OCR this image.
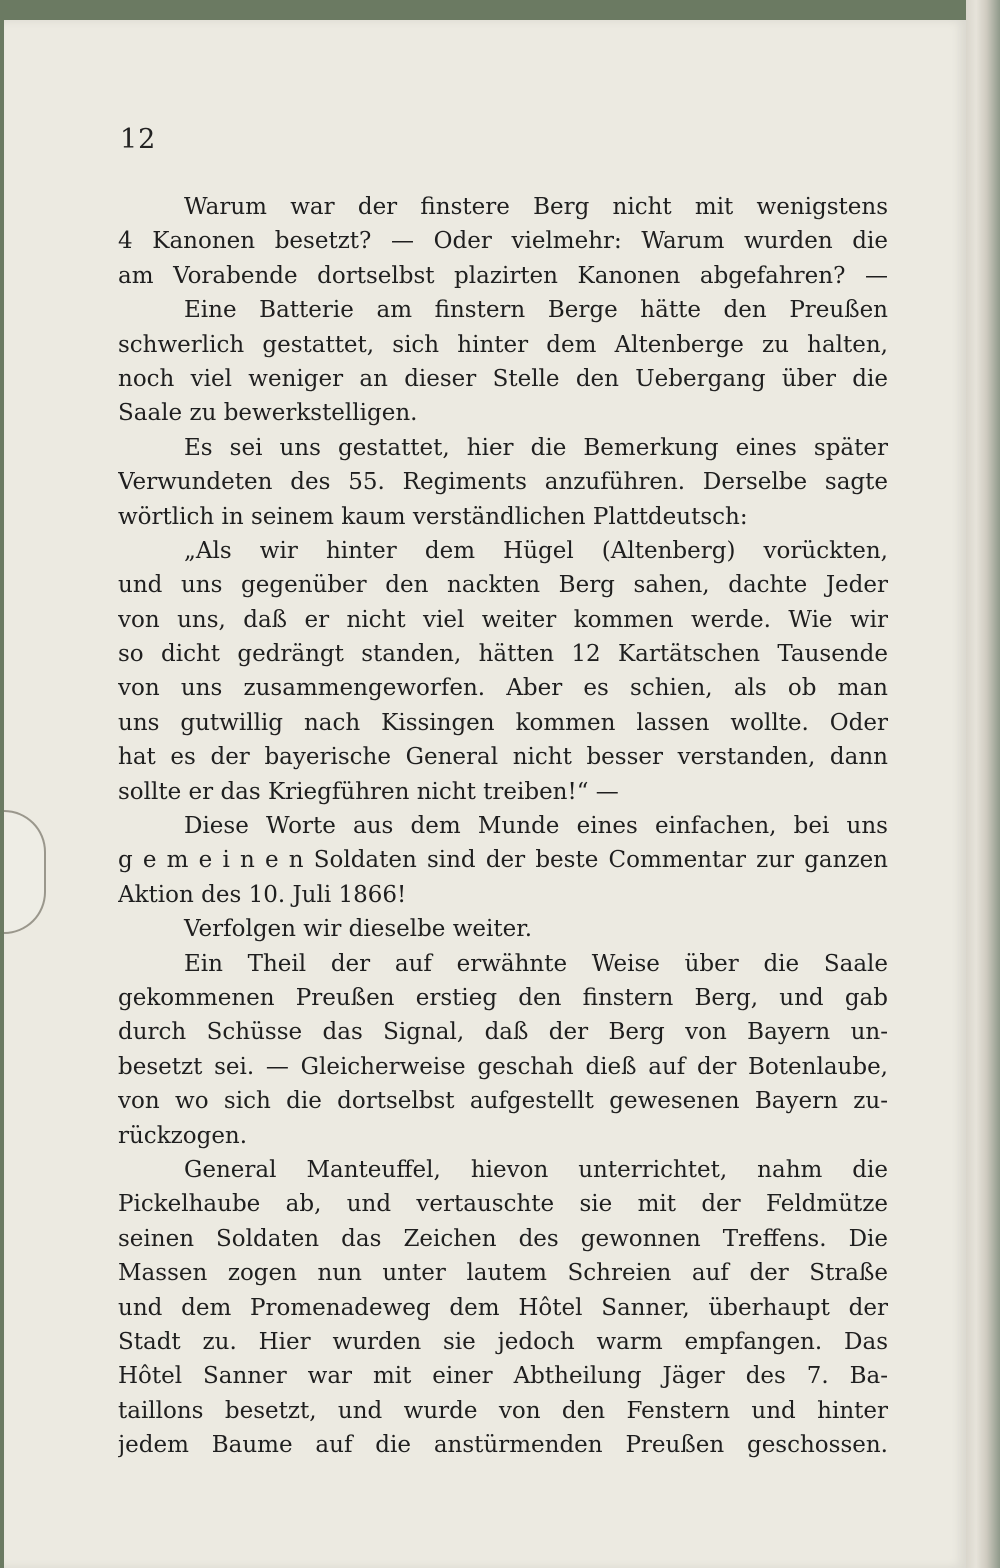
12
Warum war der finstere Berg nicht mit wenigstens
4 Kanonen besetzt? — Oder vielmehr: Warum wurden die
am Vorabende dortselbst plazirten Kanonen abgefahren? —
Eine Batterie am finstern Berge hätte den Preußen
schwerlich gestattet, sich hinter dem Altenberge zu halten,
noch viel weniger an dieser Stelle den Uebergang über die
Saale zu bewerkstelligen.
Es sei uns gestattet, hier die Bemerkung eines später
Verwundeten des 55. Regiments anzuführen. Derselbe sagte
wörtlich in seinem kaum verständlichen Plattdeutsch:
„Als wir hinter dem Hügel (Altenberg) vorückten,
und uns gegenüber den nackten Berg sahen, dachte Jeder
von uns, daß er nicht viel weiter kommen werde. Wie wir
so dicht gedrängt standen, hätten 12 Kartätschen Tausende
von uns zusammengeworfen. Aber es schien, als ob man
uns gutwillig nach Kissingen kommen lassen wollte. Oder
hat es der bayerische General nicht besser verstanden, dann
sollte er das Kriegführen nicht treiben!“ —
Diese Worte aus dem Munde eines einfachen, bei uns
g e m e i n e n Soldaten sind der beste Commentar zur ganzen
Aktion des 10. Juli 1866!
Verfolgen wir dieselbe weiter.
Ein Theil der auf erwähnte Weise über die Saale
gekommenen Preußen erstieg den finstern Berg, und gab
durch Schüsse das Signal, daß der Berg von Bayern un-
besetzt sei. — Gleicherweise geschah dieß auf der Botenlaube,
von wo sich die dortselbst aufgestellt gewesenen Bayern zu-
rückzogen.
General Manteuffel, hievon unterrichtet, nahm die
Pickelhaube ab, und vertauschte sie mit der Feldmütze
seinen Soldaten das Zeichen des gewonnen Treffens. Die
Massen zogen nun unter lautem Schreien auf der Straße
und dem Promenadeweg dem Hôtel Sanner, überhaupt der
Stadt zu. Hier wurden sie jedoch warm empfangen. Das
Hôtel Sanner war mit einer Abtheilung Jäger des 7. Ba-
taillons besetzt, und wurde von den Fenstern und hinter
jedem Baume auf die anstürmenden Preußen geschossen.
